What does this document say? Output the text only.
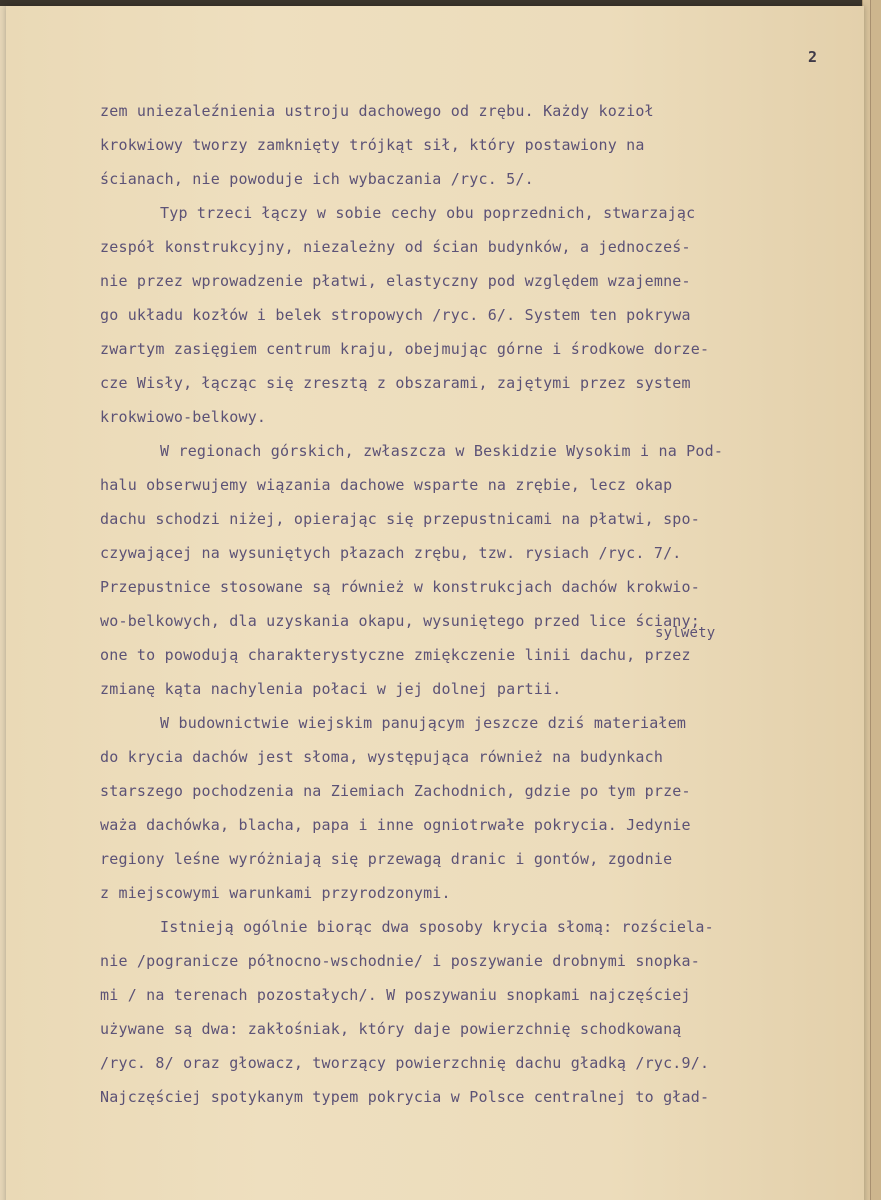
2
zem uniezaleźnienia ustroju dachowego od zrębu. Każdy kozioł
krokwiowy tworzy zamknięty trójkąt sił, który postawiony na
ścianach, nie powoduje ich wybaczania /ryc. 5/.
Typ trzeci łączy w sobie cechy obu poprzednich, stwarzając
zespół konstrukcyjny, niezależny od ścian budynków, a jednocześ-
nie przez wprowadzenie płatwi, elastyczny pod względem wzajemne-
go układu kozłów i belek stropowych /ryc. 6/. System ten pokrywa
zwartym zasięgiem centrum kraju, obejmując górne i środkowe dorze-
cze Wisły, łącząc się zresztą z obszarami, zajętymi przez system
krokwiowo-belkowy.
W regionach górskich, zwłaszcza w Beskidzie Wysokim i na Pod-
halu obserwujemy wiązania dachowe wsparte na zrębie, lecz okap
dachu schodzi niżej, opierając się przepustnicami na płatwi, spo-
czywającej na wysuniętych płazach zrębu, tzw. rysiach /ryc. 7/.
Przepustnice stosowane są również w konstrukcjach dachów krokwio-
wo-belkowych, dla uzyskania okapu, wysuniętego przed lice ściany;
one to powodują charakterystyczne zmiękczenie linii dachu, przez
sylwety
zmianę kąta nachylenia połaci w jej dolnej partii.
W budownictwie wiejskim panującym jeszcze dziś materiałem
do krycia dachów jest słoma, występująca również na budynkach
starszego pochodzenia na Ziemiach Zachodnich, gdzie po tym prze-
waża dachówka, blacha, papa i inne ogniotrwałe pokrycia. Jedynie
regiony leśne wyróżniają się przewagą dranic i gontów, zgodnie
z miejscowymi warunkami przyrodzonymi.
Istnieją ogólnie biorąc dwa sposoby krycia słomą: rozściela-
nie /pogranicze północno-wschodnie/ i poszywanie drobnymi snopka-
mi / na terenach pozostałych/. W poszywaniu snopkami najczęściej
używane są dwa: zakłośniak, który daje powierzchnię schodkowaną
/ryc. 8/ oraz głowacz, tworzący powierzchnię dachu gładką /ryc.9/.
Najczęściej spotykanym typem pokrycia w Polsce centralnej to gład-
